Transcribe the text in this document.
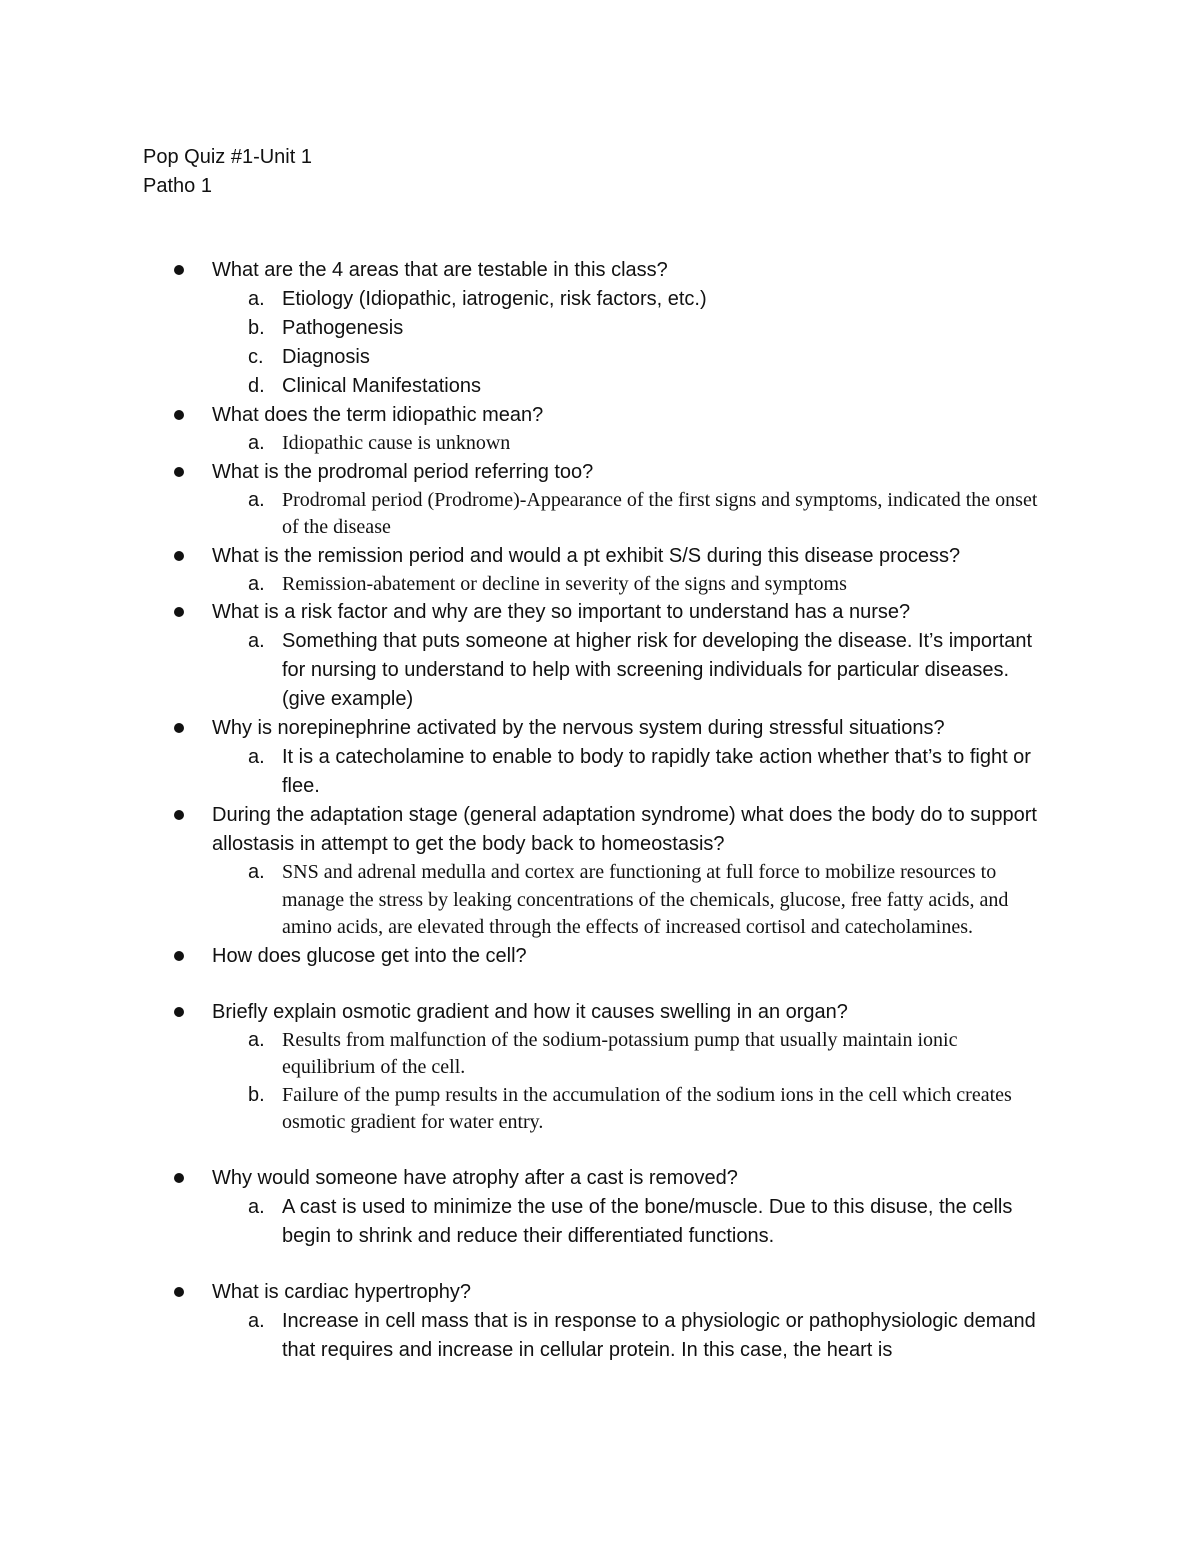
Pop Quiz #1-Unit 1
Patho 1
What are the 4 areas that are testable in this class?
a. Etiology (Idiopathic, iatrogenic, risk factors, etc.)
b. Pathogenesis
c. Diagnosis
d. Clinical Manifestations
What does the term idiopathic mean?
a. Idiopathic cause is unknown
What is the prodromal period referring too?
a. Prodromal period (Prodrome)-Appearance of the first signs and symptoms, indicated the onset of the disease
What is the remission period and would a pt exhibit S/S during this disease process?
a. Remission-abatement or decline in severity of the signs and symptoms
What is a risk factor and why are they so important to understand has a nurse?
a. Something that puts someone at higher risk for developing the disease. It’s important for nursing to understand to help with screening individuals for particular diseases. (give example)
Why is norepinephrine activated by the nervous system during stressful situations?
a. It is a catecholamine to enable to body to rapidly take action whether that’s to fight or flee.
During the adaptation stage (general adaptation syndrome) what does the body do to support allostasis in attempt to get the body back to homeostasis?
a. SNS and adrenal medulla and cortex are functioning at full force to mobilize resources to manage the stress by leaking concentrations of the chemicals, glucose, free fatty acids, and amino acids, are elevated through the effects of increased cortisol and catecholamines.
How does glucose get into the cell?
Briefly explain osmotic gradient and how it causes swelling in an organ?
a. Results from malfunction of the sodium-potassium pump that usually maintain ionic equilibrium of the cell.
b. Failure of the pump results in the accumulation of the sodium ions in the cell which creates osmotic gradient for water entry.
Why would someone have atrophy after a cast is removed?
a. A cast is used to minimize the use of the bone/muscle. Due to this disuse, the cells begin to shrink and reduce their differentiated functions.
What is cardiac hypertrophy?
a. Increase in cell mass that is in response to a physiologic or pathophysiologic demand that requires and increase in cellular protein. In this case, the heart is
